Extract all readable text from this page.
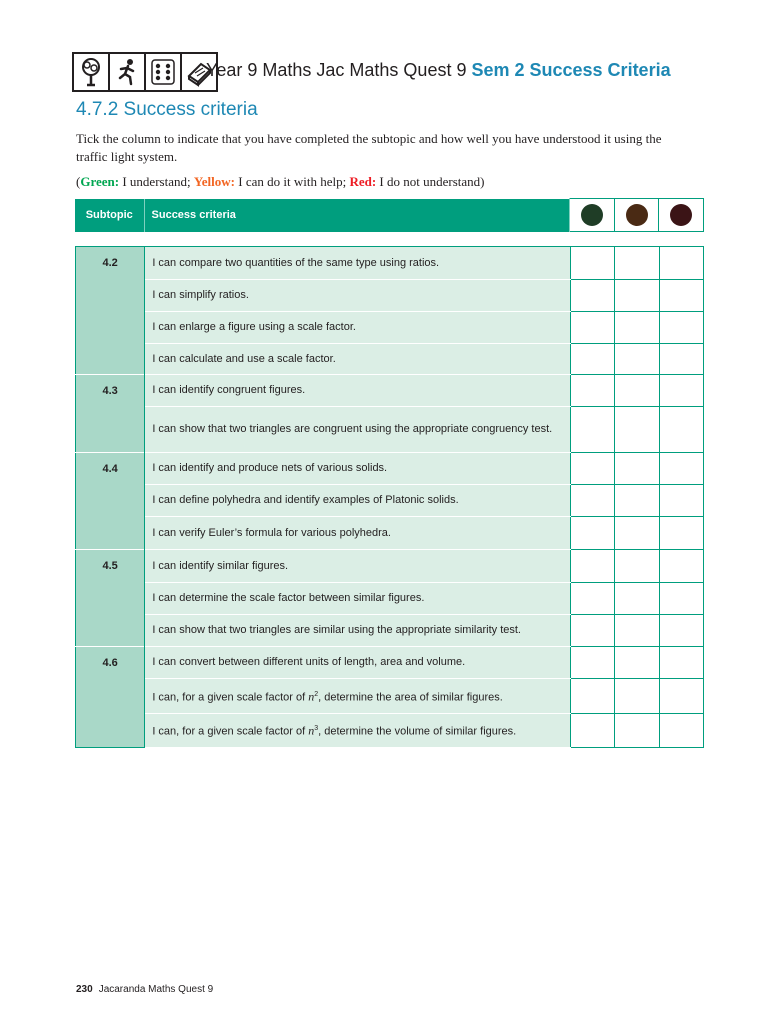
Year 9 Maths Jac Maths Quest 9 Sem 2 Success Criteria
4.7.2 Success criteria
Tick the column to indicate that you have completed the subtopic and how well you have understood it using the traffic light system.
(Green: I understand; Yellow: I can do it with help; Red: I do not understand)
Subtopic	Success criteria			
4.2	I can compare two quantities of the same type using ratios.			
	I can simplify ratios.			
	I can enlarge a figure using a scale factor.			
	I can calculate and use a scale factor.			

4.3	I can identify congruent figures.			
	I can show that two triangles are congruent using the appropriate congruency test.			

4.4	I can identify and produce nets of various solids.			
	I can define polyhedra and identify examples of Platonic solids.			
	I can verify Euler’s formula for various polyhedra.			

4.5	I can identify similar figures.			
	I can determine the scale factor between similar figures.			
	I can show that two triangles are similar using the appropriate similarity test.			

4.6	I can convert between different units of length, area and volume.			
	I can, for a given scale factor of $n^2$, determine the area of similar figures.			
	I can, for a given scale factor of $n^3$, determine the volume of similar figures.			
230 Jacaranda Maths Quest 9
